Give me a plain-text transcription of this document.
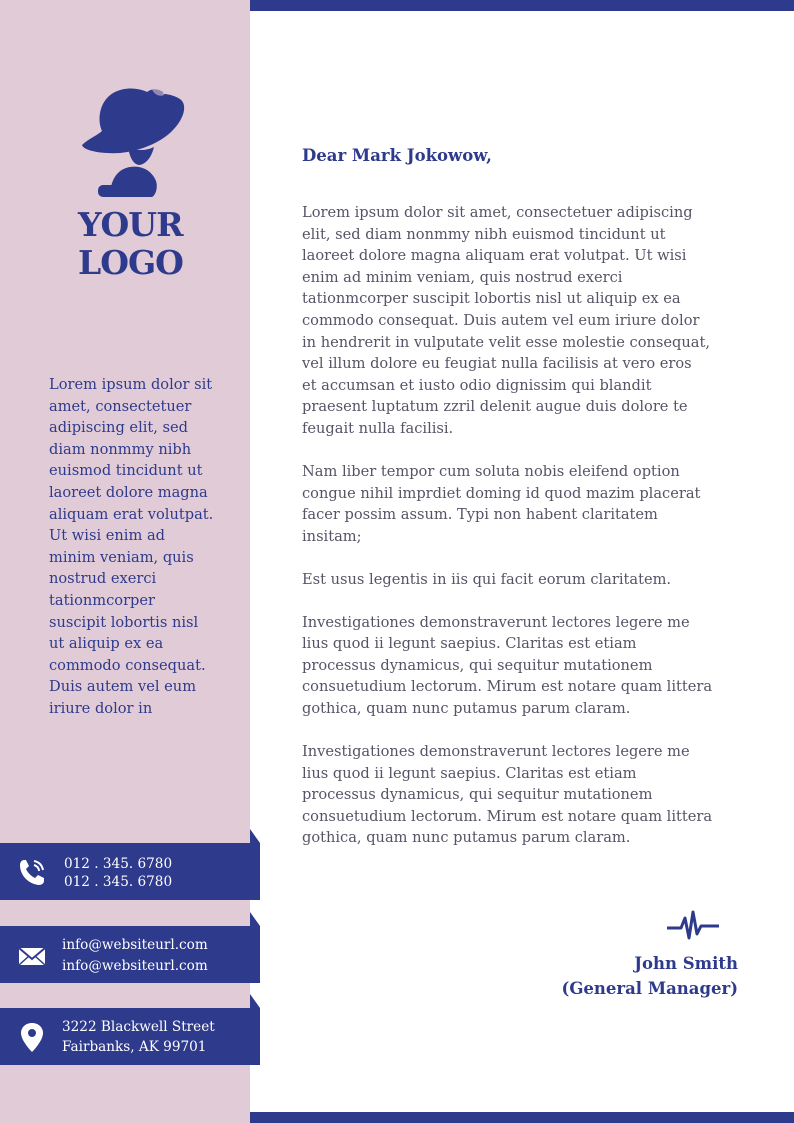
YOUR
LOGO
Lorem ipsum dolor sit
amet, consectetuer
adipiscing elit, sed
diam nonmmy nibh
euismod tincidunt ut
laoreet dolore magna
aliquam erat volutpat.
Ut wisi enim ad
minim veniam, quis
nostrud exerci
tationmcorper
suscipit lobortis nisl
ut aliquip ex ea
commodo consequat.
Duis autem vel eum
iriure dolor in
012 . 345. 6780
012 . 345. 6780
info@websiteurl.com
info@websiteurl.com
3222 Blackwell Street
Fairbanks, AK 99701
Dear Mark Jokowow,

Lorem ipsum dolor sit amet, consectetuer adipiscing
elit, sed diam nonmmy nibh euismod tincidunt ut
laoreet dolore magna aliquam erat volutpat. Ut wisi
enim ad minim veniam, quis nostrud exerci
tationmcorper suscipit lobortis nisl ut aliquip ex ea
commodo consequat. Duis autem vel eum iriure dolor
in hendrerit in vulputate velit esse molestie consequat,
vel illum dolore eu feugiat nulla facilisis at vero eros
et accumsan et iusto odio dignissim qui blandit
praesent luptatum zzril delenit augue duis dolore te
feugait nulla facilisi.

Nam liber tempor cum soluta nobis eleifend option
congue nihil imprdiet doming id quod mazim placerat
facer possim assum. Typi non habent claritatem
insitam;

Est usus legentis in iis qui facit eorum claritatem.

Investigationes demonstraverunt lectores legere me
lius quod ii legunt saepius. Claritas est etiam
processus dynamicus, qui sequitur mutationem
consuetudium lectorum. Mirum est notare quam littera
gothica, quam nunc putamus parum claram.

Investigationes demonstraverunt lectores legere me
lius quod ii legunt saepius. Claritas est etiam
processus dynamicus, qui sequitur mutationem
consuetudium lectorum. Mirum est notare quam littera
gothica, quam nunc putamus parum claram.

John Smith
(General Manager)
